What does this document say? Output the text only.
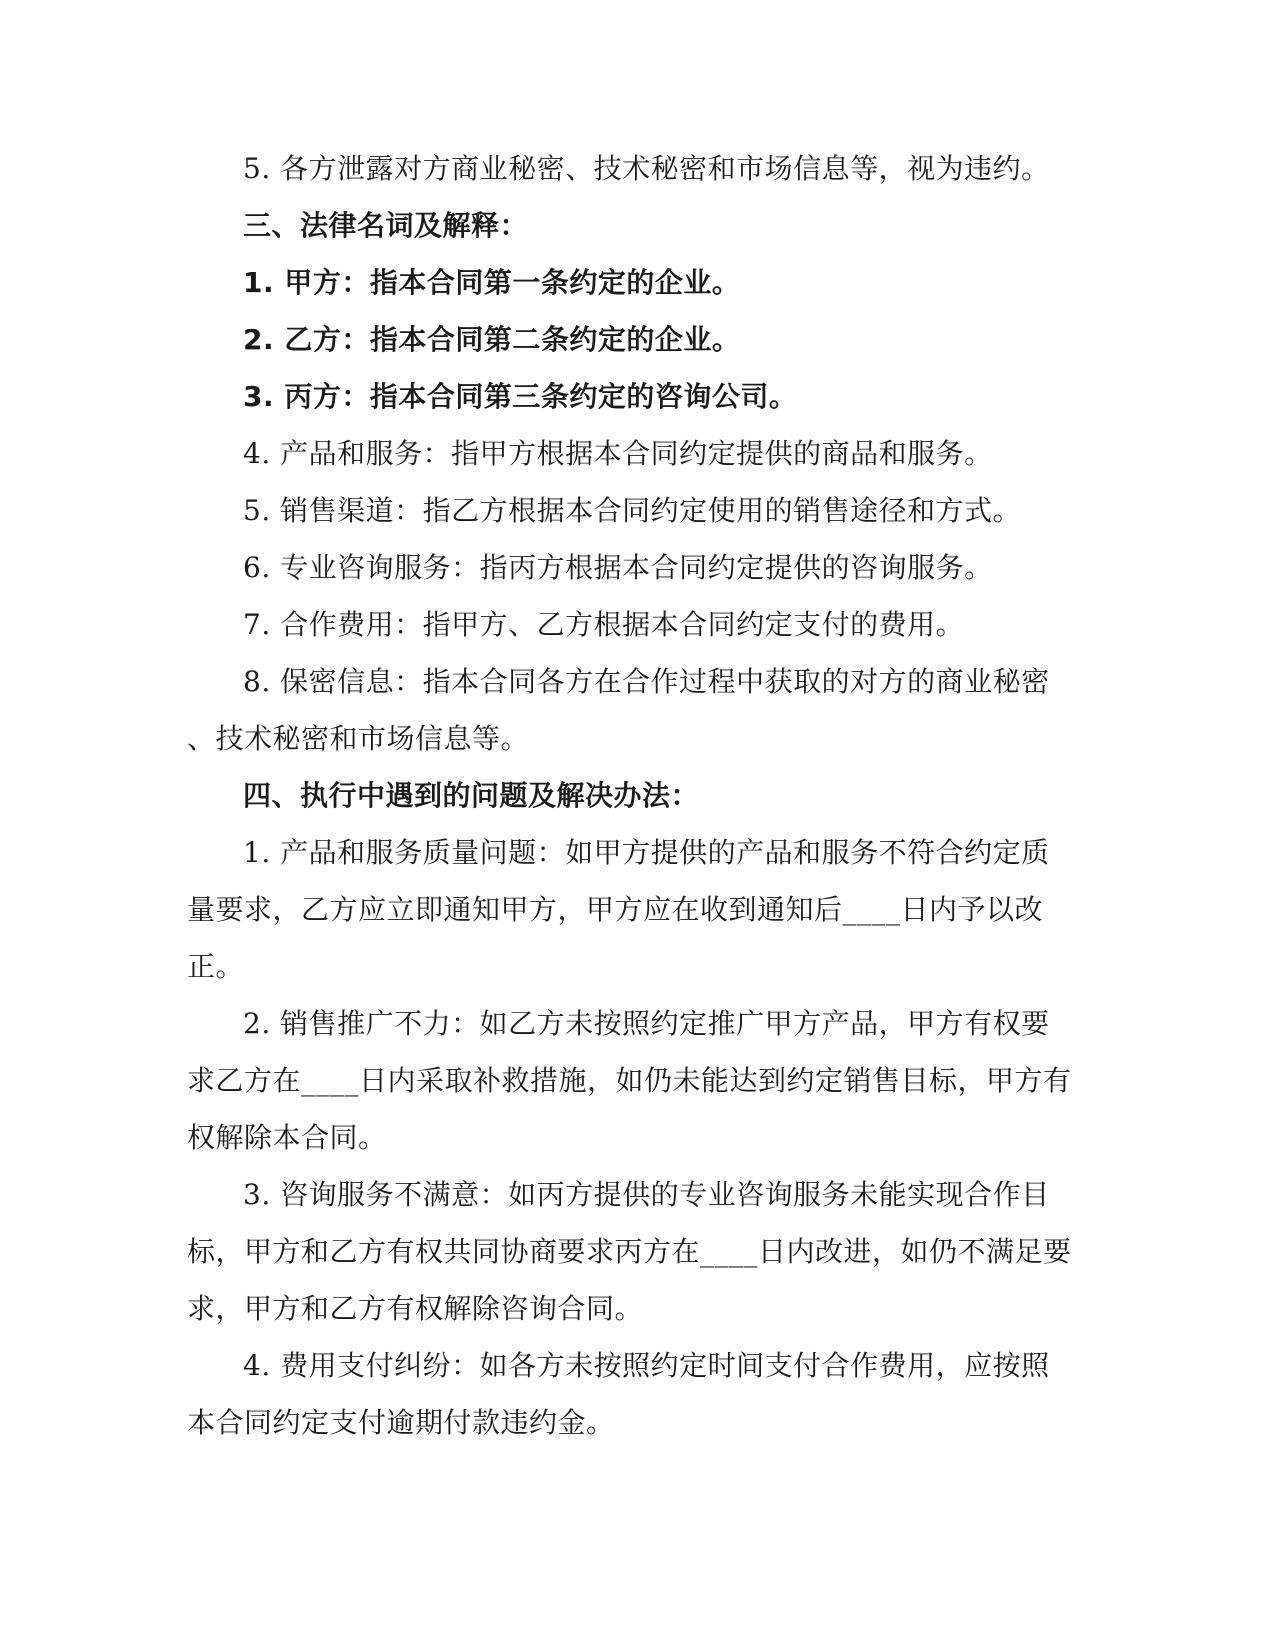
5. 各方泄露对方商业秘密、技术秘密和市场信息等，视为违约。

三、法律名词及解释：

1. 甲方：指本合同第一条约定的企业。

2. 乙方：指本合同第二条约定的企业。

3. 丙方：指本合同第三条约定的咨询公司。

4. 产品和服务：指甲方根据本合同约定提供的商品和服务。

5. 销售渠道：指乙方根据本合同约定使用的销售途径和方式。

6. 专业咨询服务：指丙方根据本合同约定提供的咨询服务。

7. 合作费用：指甲方、乙方根据本合同约定支付的费用。

8. 保密信息：指本合同各方在合作过程中获取的对方的商业秘密

、技术秘密和市场信息等。

四、执行中遇到的问题及解决办法：

1. 产品和服务质量问题：如甲方提供的产品和服务不符合约定质量要求，乙方应立即通知甲方，甲方应在收到通知后____日内予以改正。

2. 销售推广不力：如乙方未按照约定推广甲方产品，甲方有权要求乙方在____日内采取补救措施，如仍未能达到约定销售目标，甲方有权解除本合同。

3. 咨询服务不满意：如丙方提供的专业咨询服务未能实现合作目标，甲方和乙方有权共同协商要求丙方在____日内改进，如仍不满足要求，甲方和乙方有权解除咨询合同。

4. 费用支付纠纷：如各方未按照约定时间支付合作费用，应按照本合同约定支付逾期付款违约金。
